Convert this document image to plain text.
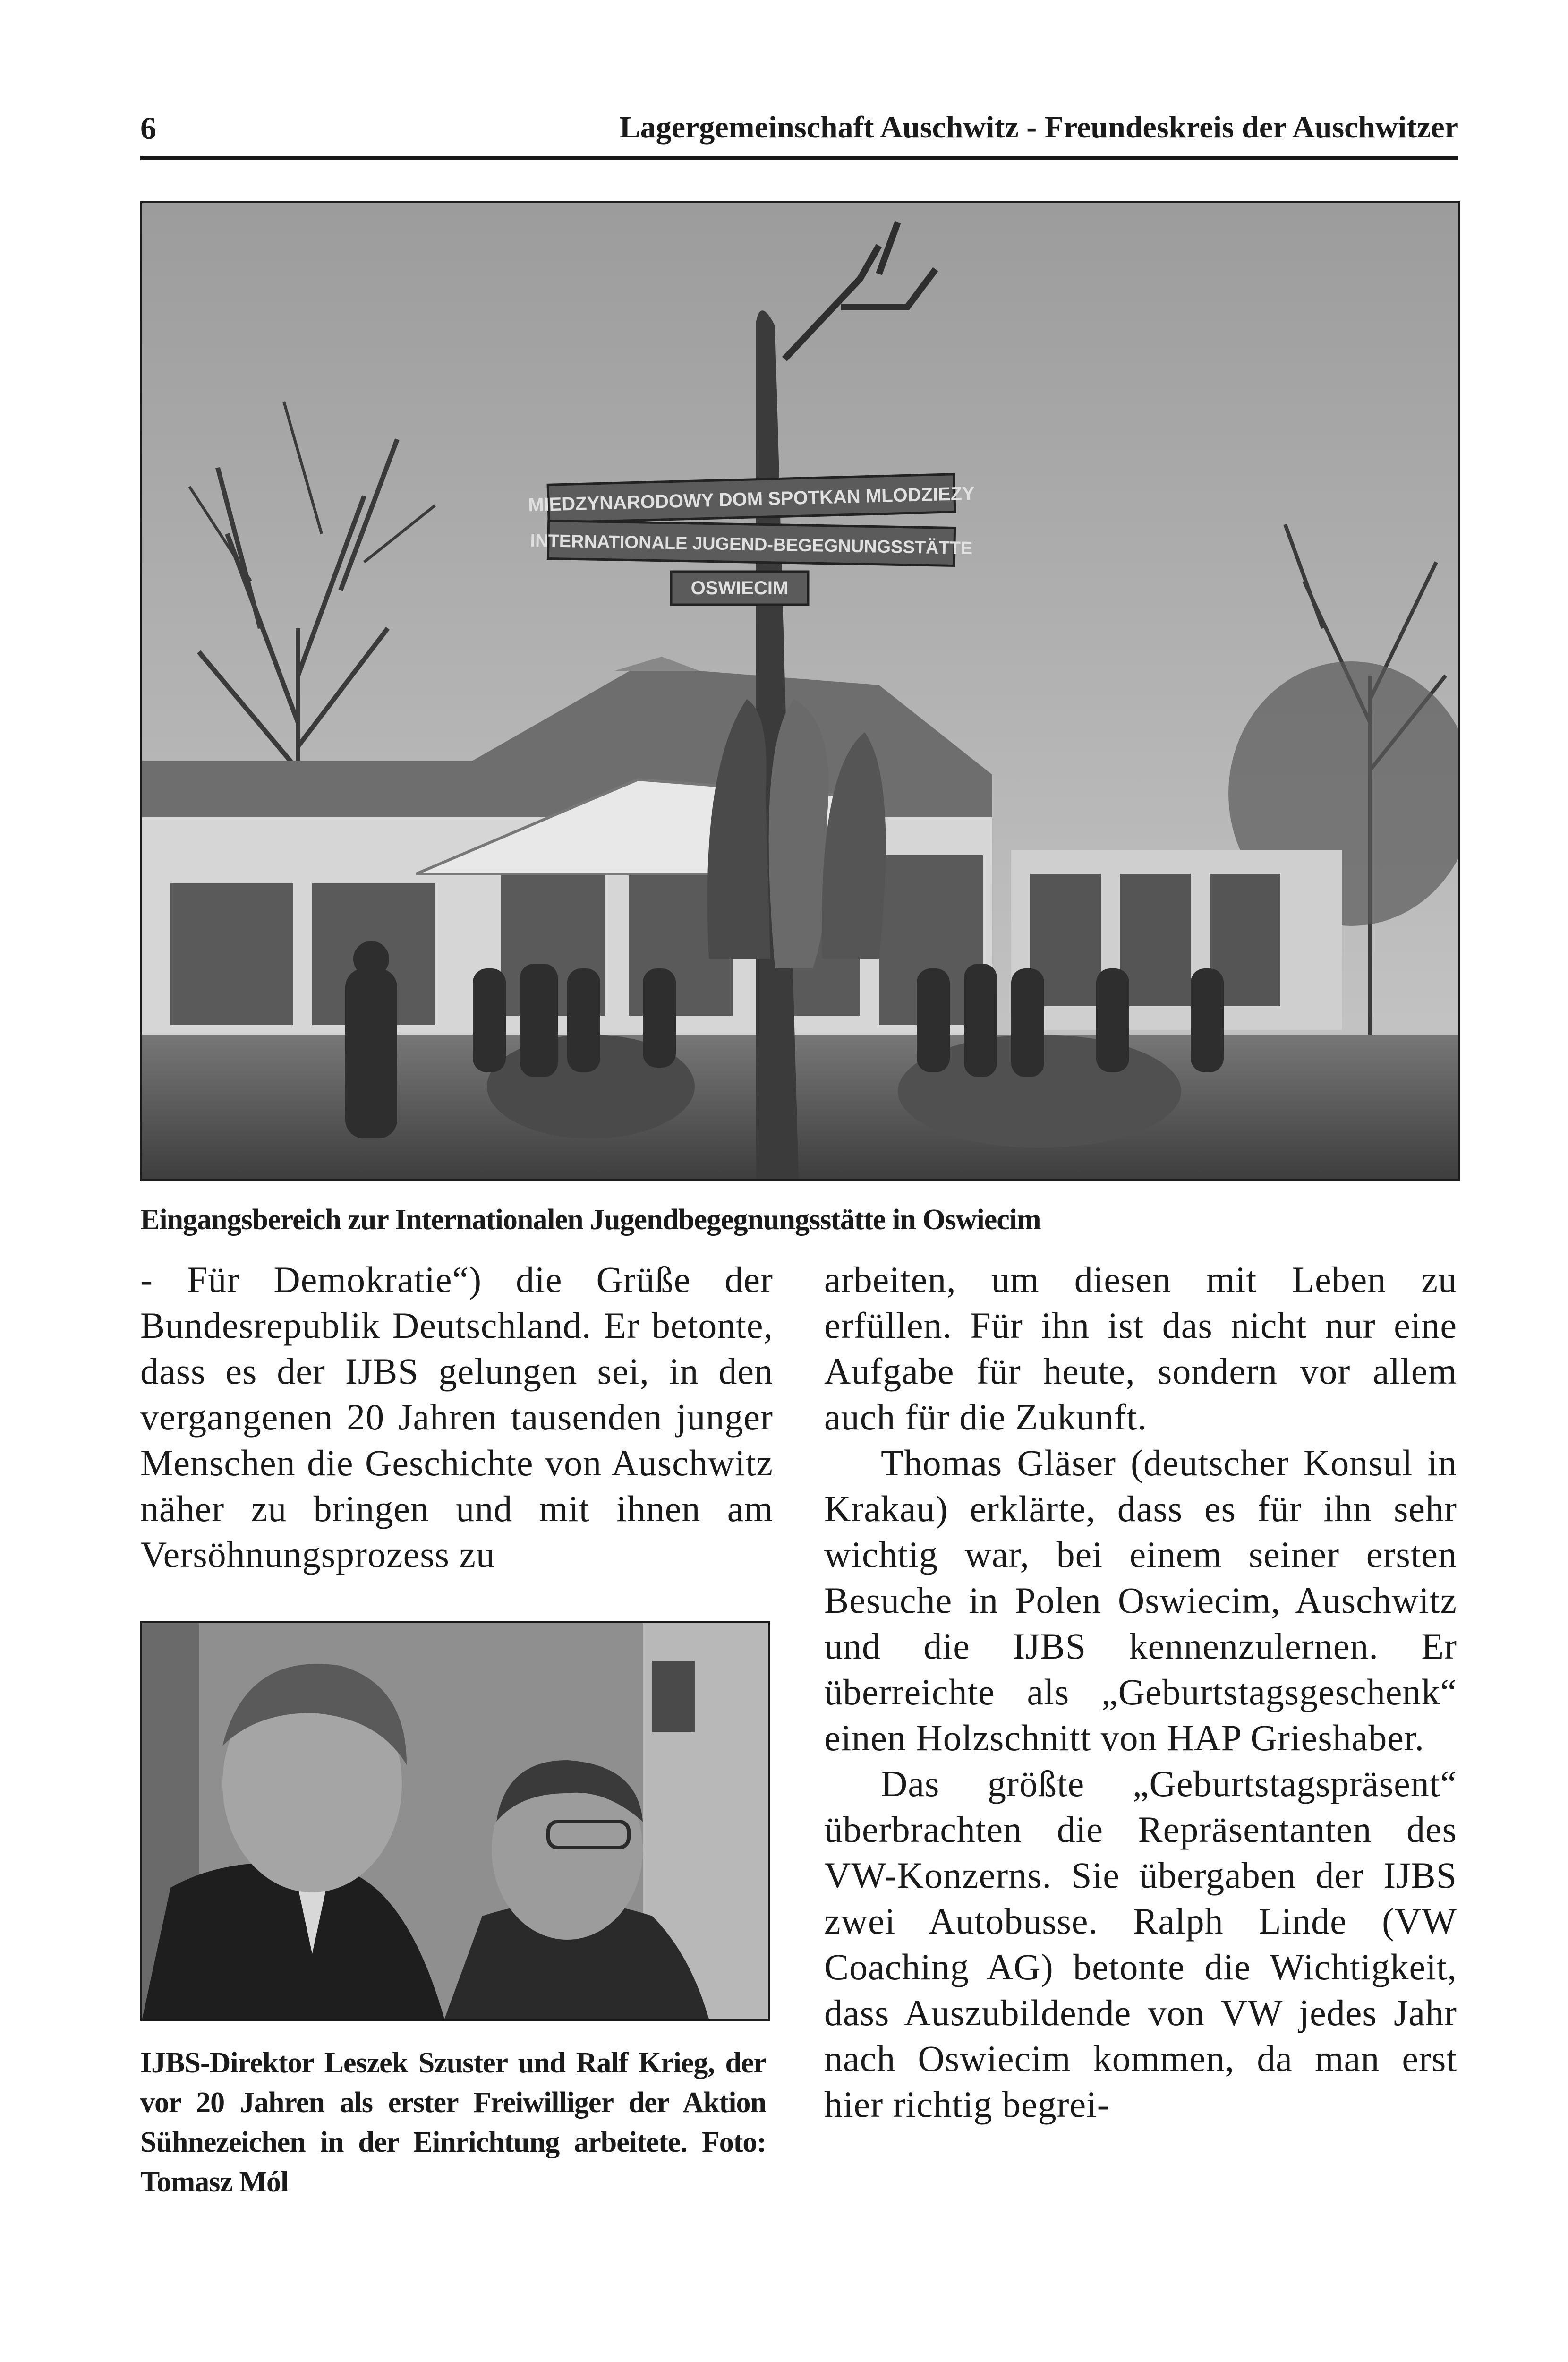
6	Lagergemeinschaft Auschwitz - Freundeskreis der Auschwitzer
MIEDZYNARODOWY DOM SPOTKAN MLODZIEZY
INTERNATIONALE JUGEND-BEGEGNUNGSSTÄTTE
OSWIECIM
Eingangsbereich zur Internationalen Jugendbegegnungsstätte in Oswiecim

- Für Demokratie“) die Grüße der Bundesrepublik Deutschland. Er betonte, dass es der IJBS gelungen sei, in den vergangenen 20 Jahren tausenden junger Menschen die Geschichte von Auschwitz näher zu bringen und mit ihnen am Versöhnungsprozess zu

IJBS-Direktor Leszek Szuster und Ralf Krieg, der vor 20 Jahren als erster Freiwilliger der Aktion Sühnezeichen in der Einrichtung arbeitete. Foto: Tomasz Mól

arbeiten, um diesen mit Leben zu erfüllen. Für ihn ist das nicht nur eine Aufgabe für heute, sondern vor allem auch für die Zukunft.

Thomas Gläser (deutscher Konsul in Krakau) erklärte, dass es für ihn sehr wichtig war, bei einem seiner ersten Besuche in Polen Oswiecim, Auschwitz und die IJBS kennenzulernen. Er überreichte als „Geburtstagsgeschenk“ einen Holzschnitt von HAP Grieshaber.

Das größte „Geburtstagspräsent“ überbrachten die Repräsentanten des VW-Konzerns. Sie übergaben der IJBS zwei Autobusse. Ralph Linde (VW Coaching AG) betonte die Wichtigkeit, dass Auszubildende von VW jedes Jahr nach Oswiecim kommen, da man erst hier richtig begrei-
